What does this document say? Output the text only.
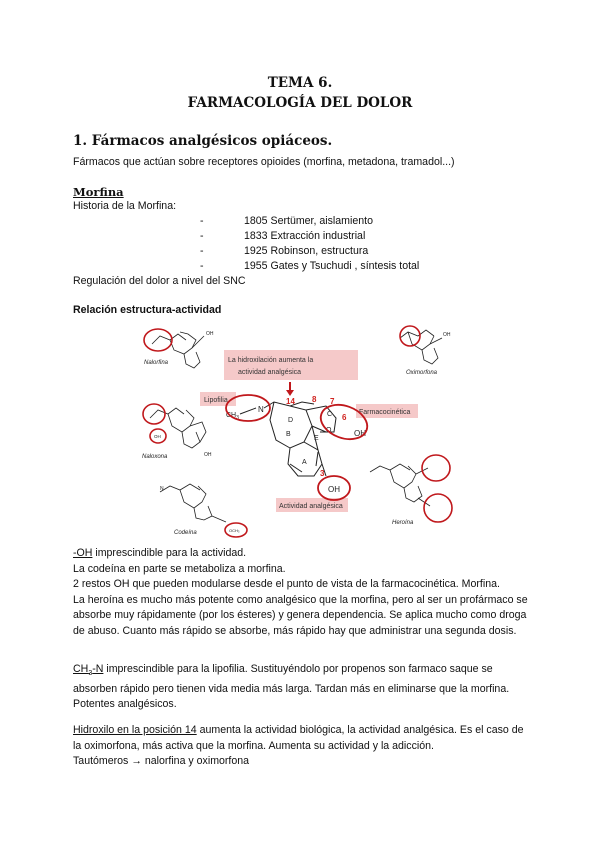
TEMA 6.
FARMACOLOGÍA DEL DOLOR
1. Fármacos analgésicos opiáceos.
Fármacos que actúan sobre receptores opioides (morfina, metadona, tramadol...)
Morfina
Historia de la Morfina:
-	1805 Sertümer, aislamiento
-	1833 Extracción industrial
-	1925 Robinson, estructura
-	1955 Gates y Tsuchudi , síntesis total
Regulación del dolor a nivel del SNC
Relación estructura-actividad
OH
Nalorfina
OH
Oximorfona
OH
OH
Naloxona
N
OCH₃
Codeína
Heroína
La hidroxilación aumenta la
actividad analgésica
Lipofilia
Farmacocinética
Actividad analgésica
$CH_3$
N
14 8 7
6
3
D
C
B
E
A
O	OH
OH

-OH imprescindible para la actividad.

La codeína en parte se metaboliza a morfina.

2 restos OH que pueden modularse desde el punto de vista de la farmacocinética. Morfina.

La heroína es mucho más potente como analgésico que la morfina, pero al ser un profármaco se absorbe muy rápidamente (por los ésteres) y genera dependencia. Se aplica mucho como droga de abuso. Cuanto más rápido se absorbe, más rápido hay que administrar una segunda dosis.

$CH_3-N$ imprescindible para la lipofilia. Sustituyéndolo por propenos son farmaco saque se absorben rápido pero tienen vida media más larga. Tardan más en eliminarse que la morfina. Potentes analgésicos.

Hidroxilo en la posición 14 aumenta la actividad biológica, la actividad analgésica. Es el caso de la oximorfona, más activa que la morfina. Aumenta su actividad y la adicción.

Tautómeros → nalorfina y oximorfona
